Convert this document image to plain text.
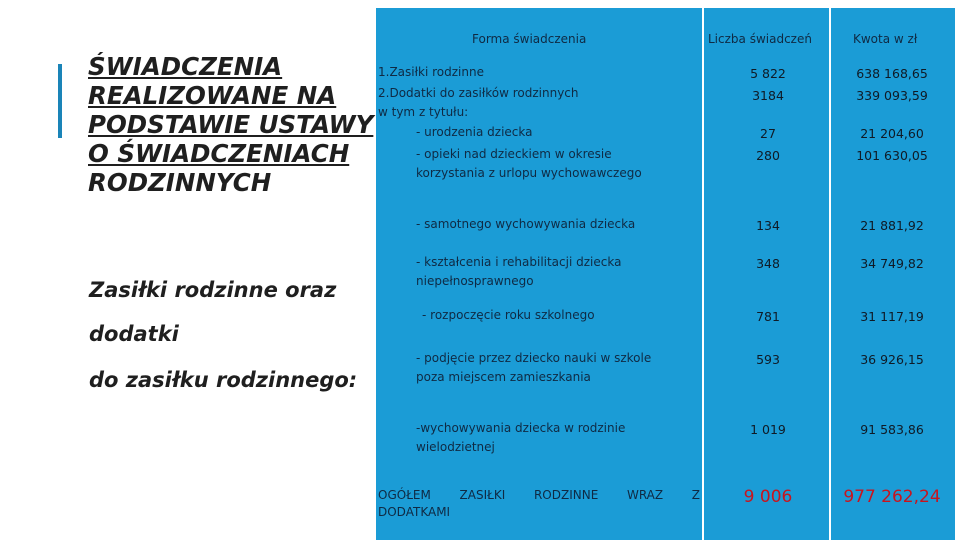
ŚWIADCZENIA
REALIZOWANE NA
PODSTAWIE USTAWY
O ŚWIADCZENIACH
RODZINNYCH
Zasiłki rodzinne oraz
dodatki
do zasiłku rodzinnego:
Forma świadczenia	Liczba świadczeń	Kwota w zł
1.Zasiłki rodzinne	5 822	638 168,65
2.Dodatki do zasiłków rodzinnych
w tym z tytułu:
3184	339 093,59
- urodzenia dziecka	27	21 204,60
- opieki nad dzieckiem w okresie
korzystania z urlopu wychowawczego
280	101 630,05
- samotnego wychowywania dziecka	134	21 881,92
- kształcenia i rehabilitacji dziecka
niepełnosprawnego
348	34 749,82
- rozpoczęcie roku szkolnego	781	31 117,19
- podjęcie przez dziecko nauki w szkole
poza miejscem zamieszkania
593	36 926,15
-wychowywania dziecka w rodzinie
wielodzietnej
1 019	91 583,86
OGÓŁEM ZASIŁKI RODZINNE WRAZ Z
DODATKAMI
9 006	977 262,24
